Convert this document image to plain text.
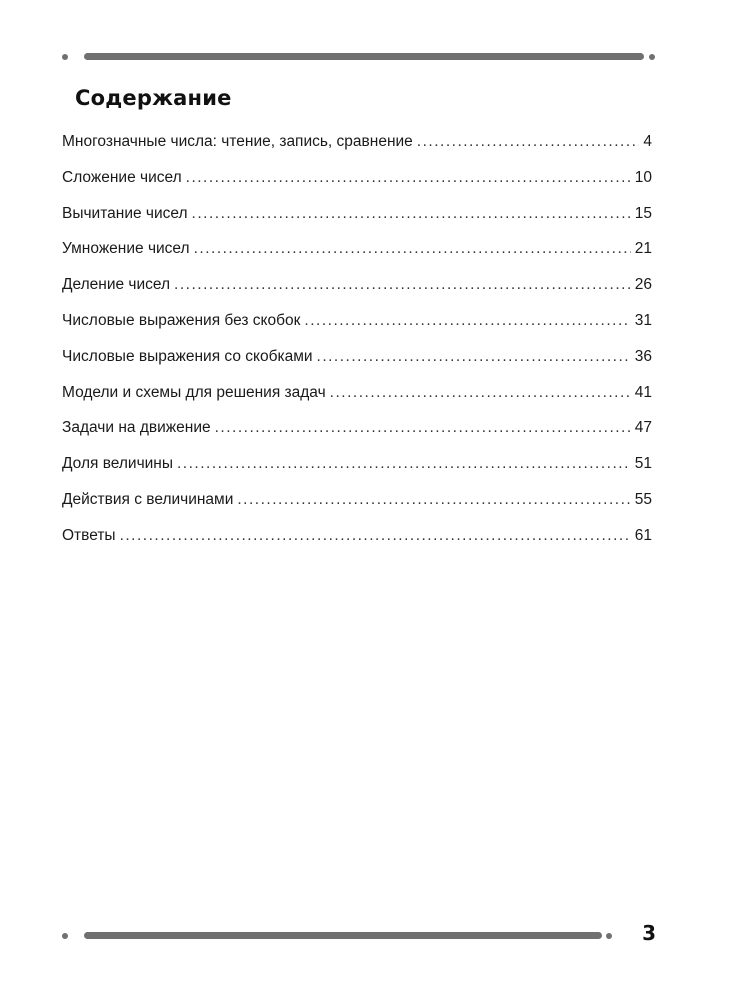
Содержание
Многозначные числа: чтение, запись, сравнение .....	4
Сложение чисел .....	10
Вычитание чисел .....	15
Умножение чисел .....	21
Деление чисел .....	26
Числовые выражения без скобок .....	31
Числовые выражения со скобками .....	36
Модели и схемы для решения задач .....	41
Задачи на движение .....	47
Доля величины .....	51
Действия с величинами .....	55
Ответы .....	61
3
